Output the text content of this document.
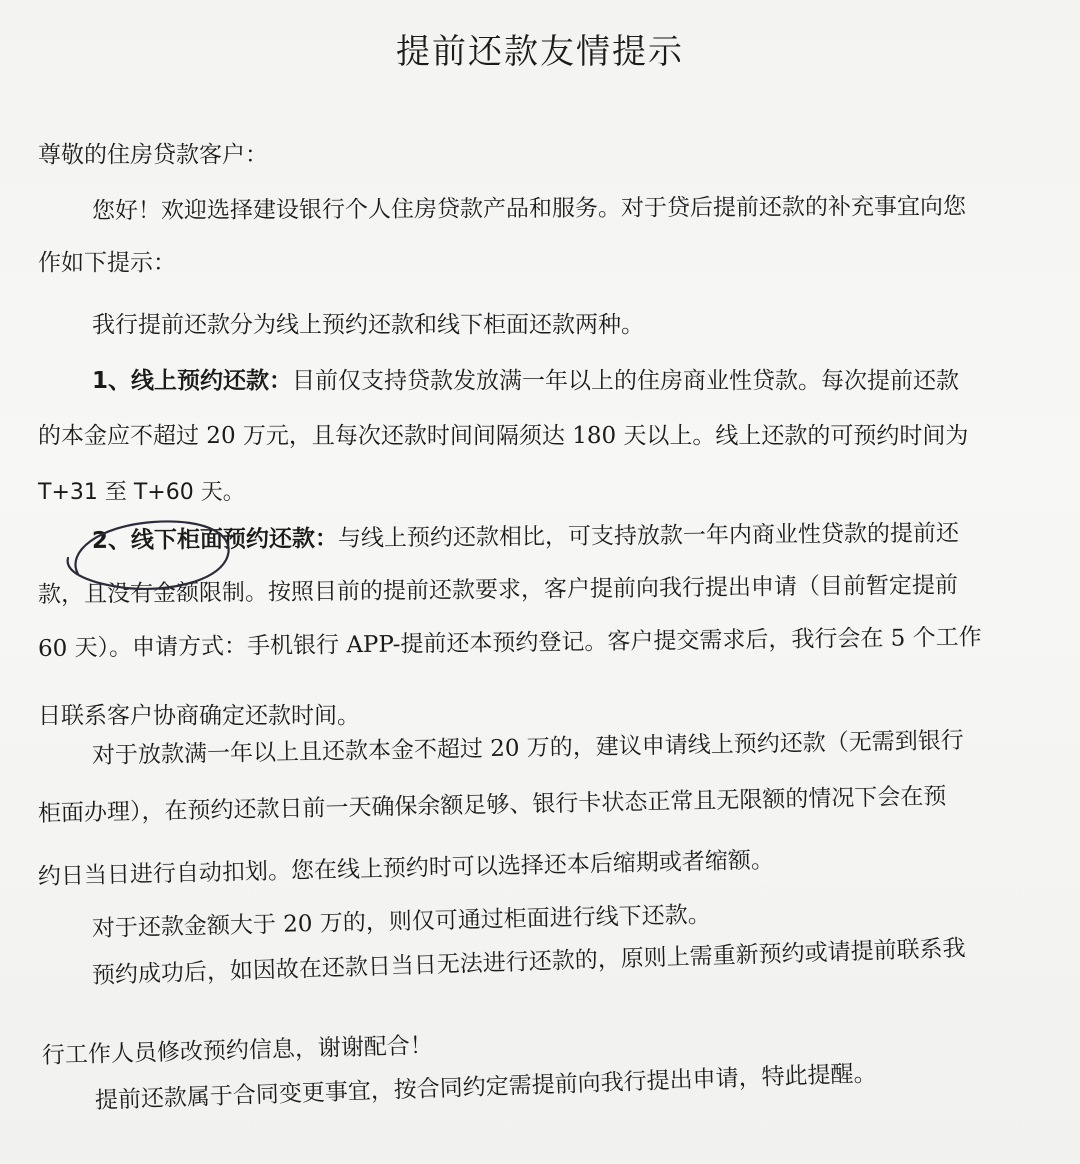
提前还款友情提示
尊敬的住房贷款客户：
您好！欢迎选择建设银行个人住房贷款产品和服务。对于贷后提前还款的补充事宜向您
作如下提示：
我行提前还款分为线上预约还款和线下柜面还款两种。
1、线上预约还款：目前仅支持贷款发放满一年以上的住房商业性贷款。每次提前还款
的本金应不超过 20 万元，且每次还款时间间隔须达 180 天以上。线上还款的可预约时间为
T+31 至 T+60 天。
2、线下柜面预约还款：与线上预约还款相比，可支持放款一年内商业性贷款的提前还
款，且没有金额限制。按照目前的提前还款要求，客户提前向我行提出申请（目前暂定提前
60 天）。申请方式：手机银行 APP-提前还本预约登记。客户提交需求后，我行会在 5 个工作
日联系客户协商确定还款时间。
对于放款满一年以上且还款本金不超过 20 万的，建议申请线上预约还款（无需到银行
柜面办理），在预约还款日前一天确保余额足够、银行卡状态正常且无限额的情况下会在预
约日当日进行自动扣划。您在线上预约时可以选择还本后缩期或者缩额。
对于还款金额大于 20 万的，则仅可通过柜面进行线下还款。
预约成功后，如因故在还款日当日无法进行还款的，原则上需重新预约或请提前联系我
行工作人员修改预约信息，谢谢配合！
提前还款属于合同变更事宜，按合同约定需提前向我行提出申请，特此提醒。
